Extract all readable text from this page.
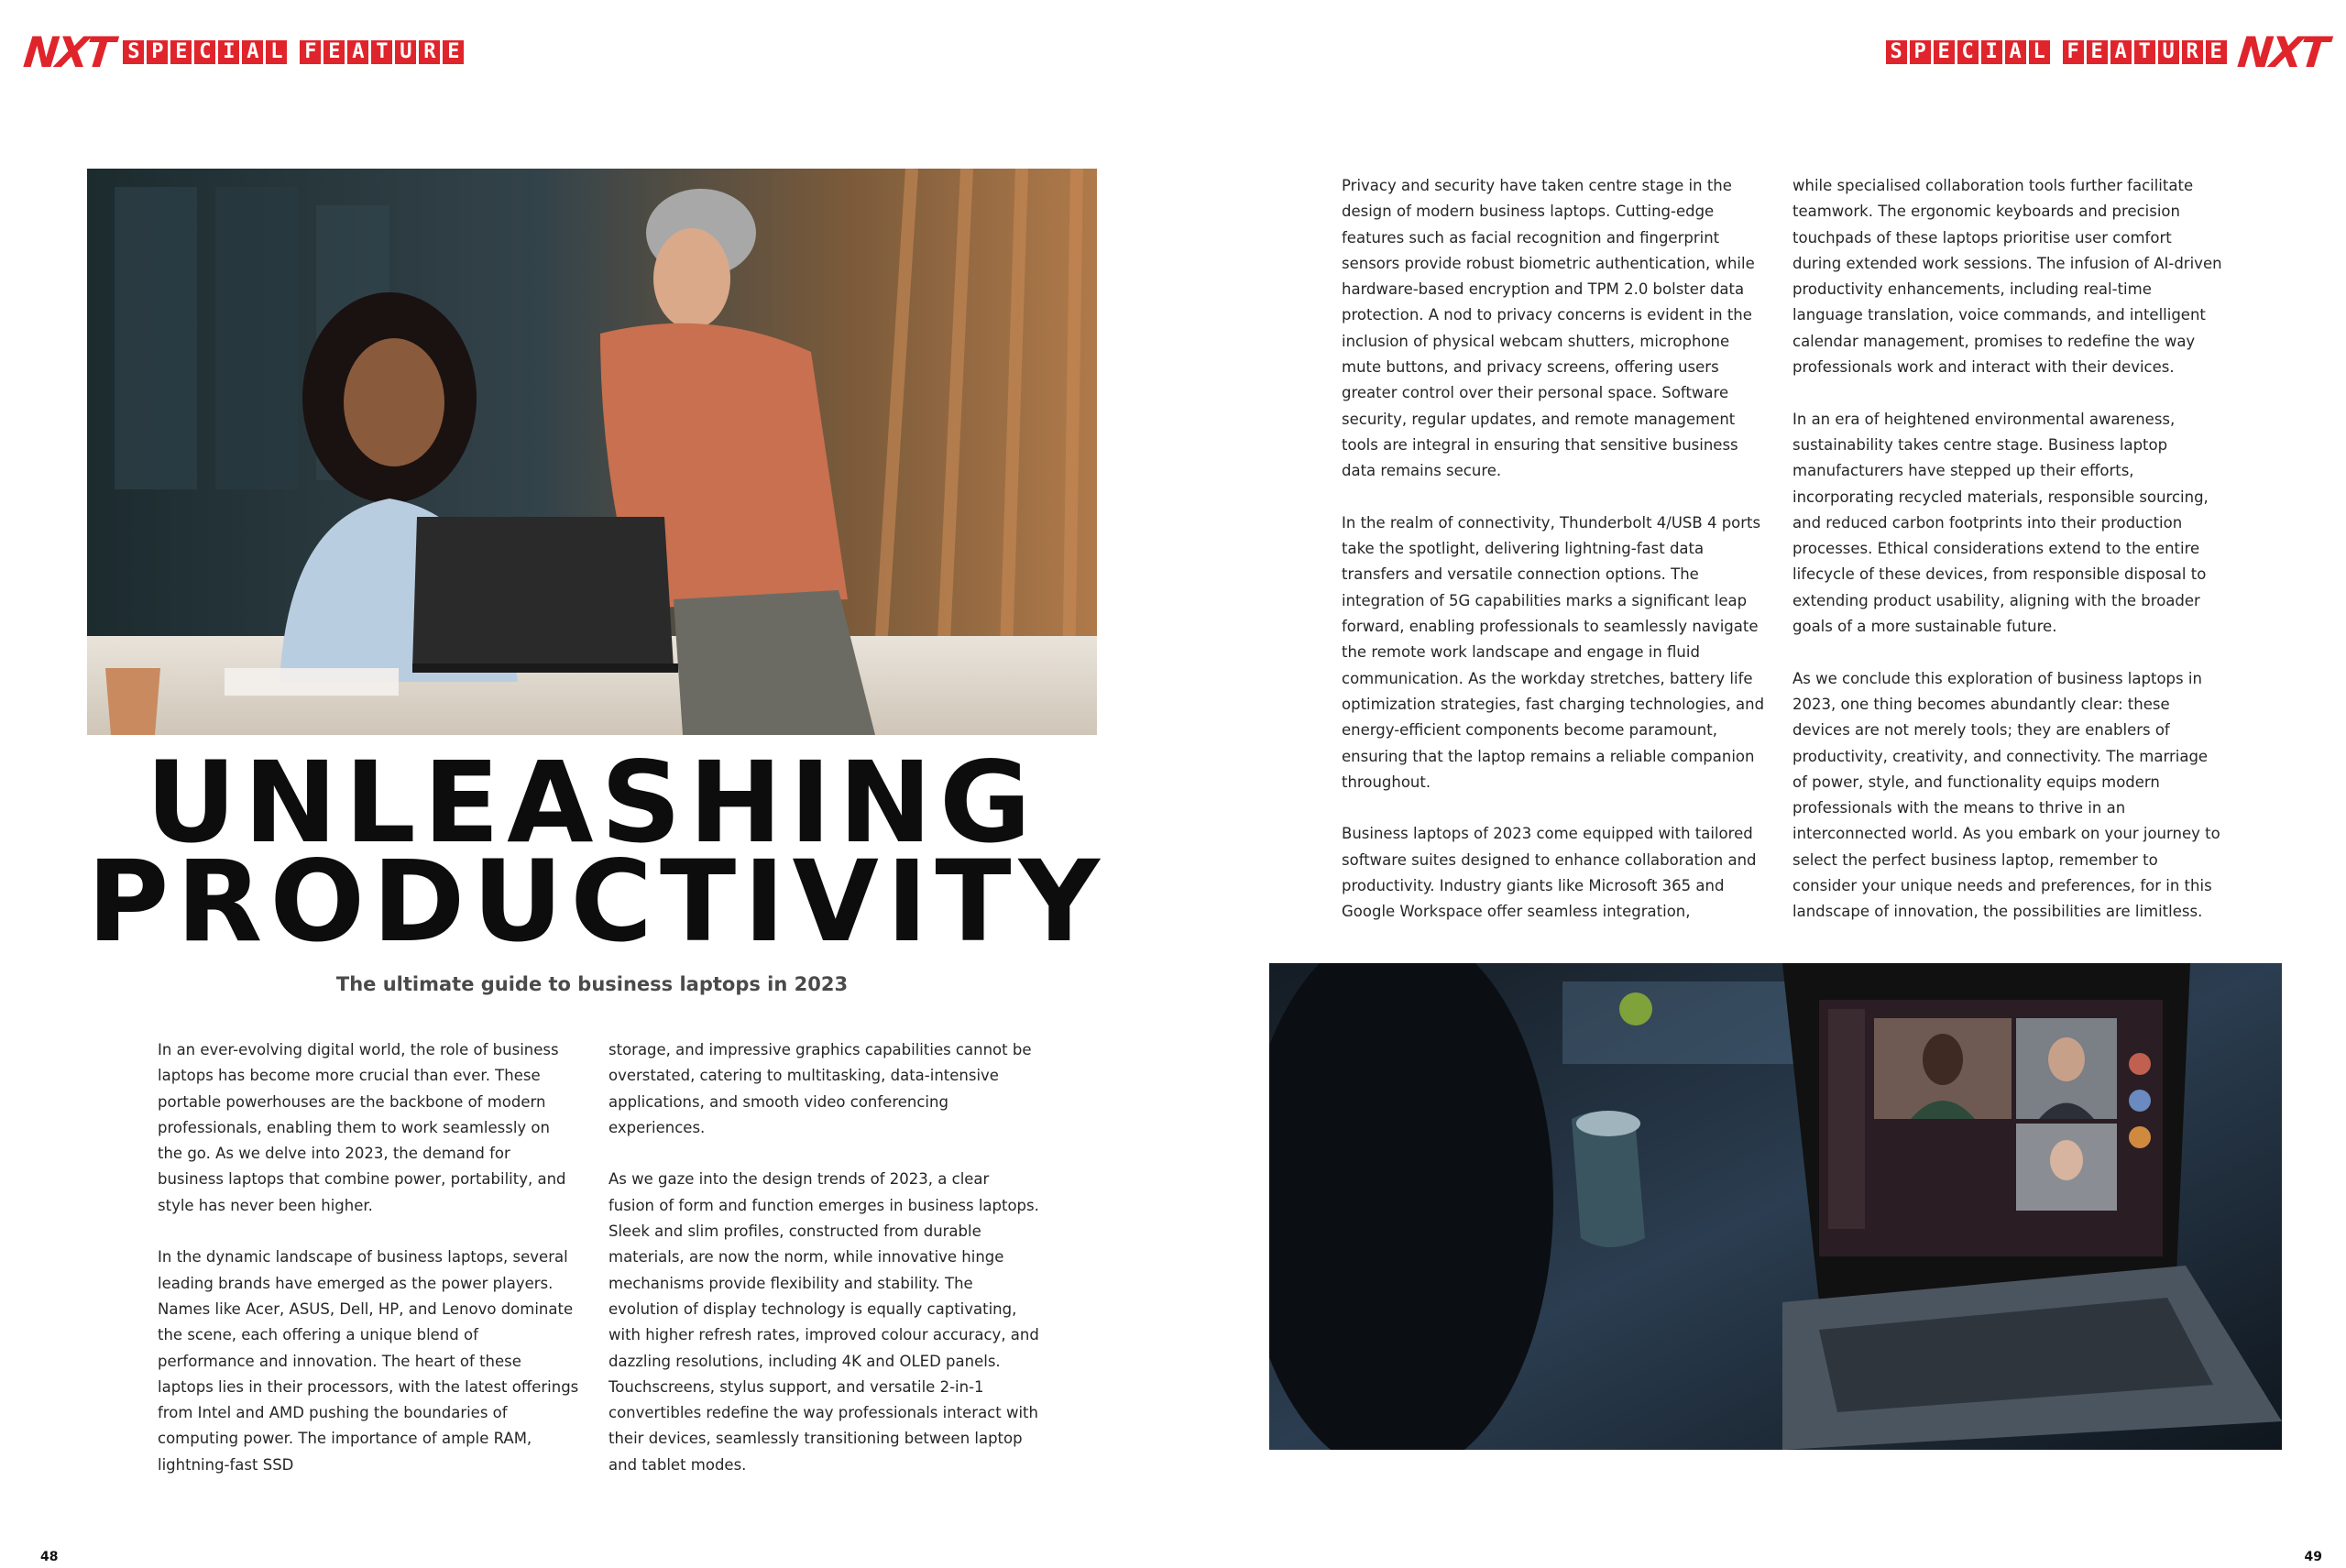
NXT S P E C I A L F E A T U R E
UNLEASHING
PRODUCTIVITY

The ultimate guide to business laptops in 2023

In an ever-evolving digital world, the role of business laptops has become more crucial than ever. These portable powerhouses are the backbone of modern professionals, enabling them to work seamlessly on the go. As we delve into 2023, the demand for business laptops that combine power, portability, and style has never been higher.

In the dynamic landscape of business laptops, several leading brands have emerged as the power players. Names like Acer, ASUS, Dell, HP, and Lenovo dominate the scene, each offering a unique blend of performance and innovation. The heart of these laptops lies in their processors, with the latest offerings from Intel and AMD pushing the boundaries of computing power. The importance of ample RAM, lightning-fast SSD

storage, and impressive graphics capabilities cannot be overstated, catering to multitasking, data-intensive applications, and smooth video conferencing experiences.

As we gaze into the design trends of 2023, a clear fusion of form and function emerges in business laptops. Sleek and slim profiles, constructed from durable materials, are now the norm, while innovative hinge mechanisms provide flexibility and stability. The evolution of display technology is equally captivating, with higher refresh rates, improved colour accuracy, and dazzling resolutions, including 4K and OLED panels. Touchscreens, stylus support, and versatile 2-in-1 convertibles redefine the way professionals interact with their devices, seamlessly transitioning between laptop and tablet modes.

48
S P E C I A L F E A T U R E NXT

Privacy and security have taken centre stage in the design of modern business laptops. Cutting-edge features such as facial recognition and fingerprint sensors provide robust biometric authentication, while hardware-based encryption and TPM 2.0 bolster data protection. A nod to privacy concerns is evident in the inclusion of physical webcam shutters, microphone mute buttons, and privacy screens, offering users greater control over their personal space. Software security, regular updates, and remote management tools are integral in ensuring that sensitive business data remains secure.

In the realm of connectivity, Thunderbolt 4/USB 4 ports take the spotlight, delivering lightning-fast data transfers and versatile connection options. The integration of 5G capabilities marks a significant leap forward, enabling professionals to seamlessly navigate the remote work landscape and engage in fluid communication. As the workday stretches, battery life optimization strategies, fast charging technologies, and energy-efficient components become paramount, ensuring that the laptop remains a reliable companion throughout.

Business laptops of 2023 come equipped with tailored software suites designed to enhance collaboration and productivity. Industry giants like Microsoft 365 and Google Workspace offer seamless integration,

while specialised collaboration tools further facilitate teamwork. The ergonomic keyboards and precision touchpads of these laptops prioritise user comfort during extended work sessions. The infusion of AI-driven productivity enhancements, including real-time language translation, voice commands, and intelligent calendar management, promises to redefine the way professionals work and interact with their devices.

In an era of heightened environmental awareness, sustainability takes centre stage. Business laptop manufacturers have stepped up their efforts, incorporating recycled materials, responsible sourcing, and reduced carbon footprints into their production processes. Ethical considerations extend to the entire lifecycle of these devices, from responsible disposal to extending product usability, aligning with the broader goals of a more sustainable future.

As we conclude this exploration of business laptops in 2023, one thing becomes abundantly clear: these devices are not merely tools; they are enablers of productivity, creativity, and connectivity. The marriage of power, style, and functionality equips modern professionals with the means to thrive in an interconnected world. As you embark on your journey to select the perfect business laptop, remember to consider your unique needs and preferences, for in this landscape of innovation, the possibilities are limitless.

49
